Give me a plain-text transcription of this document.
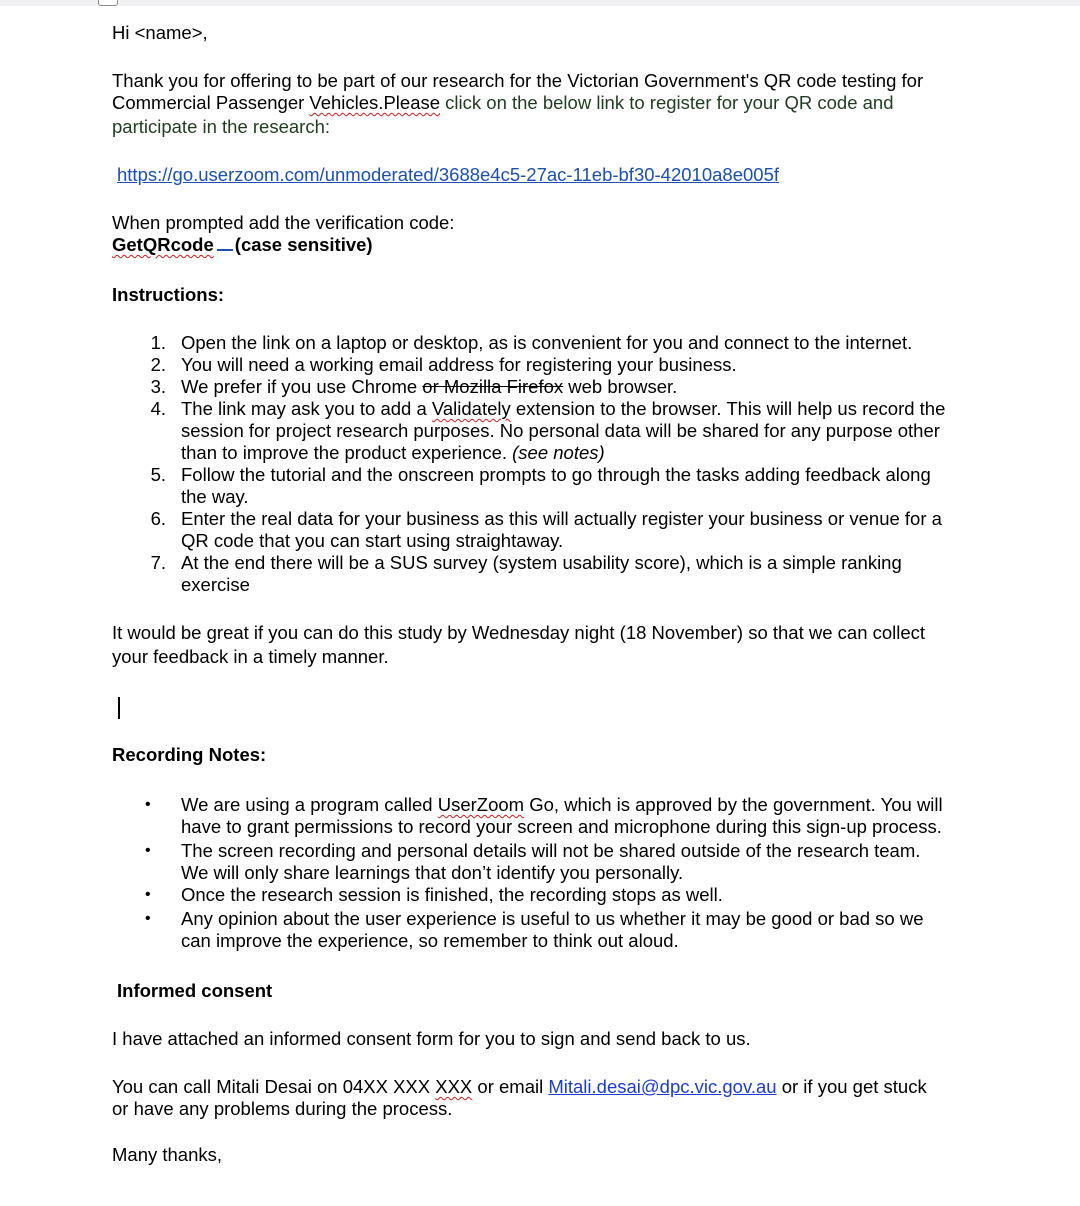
Hi <name>,
Thank you for offering to be part of our research for the Victorian Government's QR code testing for
Commercial Passenger Vehicles.Please click on the below link to register for your QR code and
participate in the research:
https://go.userzoom.com/unmoderated/3688e4c5-27ac-11eb-bf30-42010a8e005f
When prompted add the verification code:
GetQRcode (case sensitive)
Instructions:
1. Open the link on a laptop or desktop, as is convenient for you and connect to the internet.
2. You will need a working email address for registering your business.
3. We prefer if you use Chrome or Mozilla Firefox web browser.
4. The link may ask you to add a Validately extension to the browser. This will help us record the
session for project research purposes. No personal data will be shared for any purpose other
than to improve the product experience. (see notes)
5. Follow the tutorial and the onscreen prompts to go through the tasks adding feedback along
the way.
6. Enter the real data for your business as this will actually register your business or venue for a
QR code that you can start using straightaway.
7. At the end there will be a SUS survey (system usability score), which is a simple ranking
exercise
It would be great if you can do this study by Wednesday night (18 November) so that we can collect
your feedback in a timely manner.
Recording Notes:
• We are using a program called UserZoom Go, which is approved by the government. You will
have to grant permissions to record your screen and microphone during this sign-up process.
• The screen recording and personal details will not be shared outside of the research team.
We will only share learnings that don’t identify you personally.
• Once the research session is finished, the recording stops as well.
• Any opinion about the user experience is useful to us whether it may be good or bad so we
can improve the experience, so remember to think out aloud.
Informed consent
I have attached an informed consent form for you to sign and send back to us.
You can call Mitali Desai on 04XX XXX XXX or email Mitali.desai@dpc.vic.gov.au or if you get stuck
or have any problems during the process.
Many thanks,
